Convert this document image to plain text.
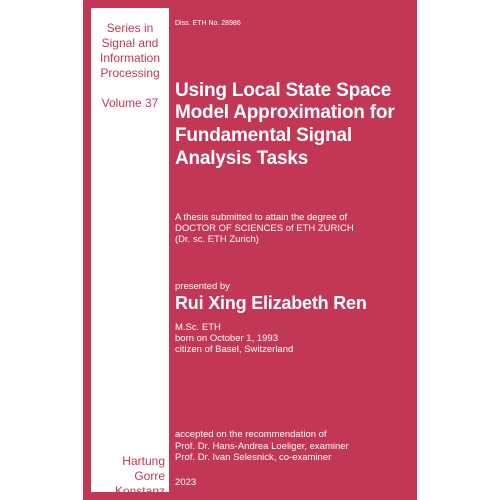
Series in
Signal and
Information
Processing
Volume 37
Hartung
Gorre
Konstanz
Diss. ETH No. 28986
Using Local State Space
Model Approximation for
Fundamental Signal
Analysis Tasks
A thesis submitted to attain the degree of
DOCTOR OF SCIENCES of ETH ZURICH
(Dr. sc. ETH Zurich)
presented by
Rui Xing Elizabeth Ren
M.Sc. ETH
born on October 1, 1993
citizen of Basel, Switzerland
accepted on the recommendation of
Prof. Dr. Hans-Andrea Loeliger, examiner
Prof. Dr. Ivan Selesnick, co-examiner
2023
